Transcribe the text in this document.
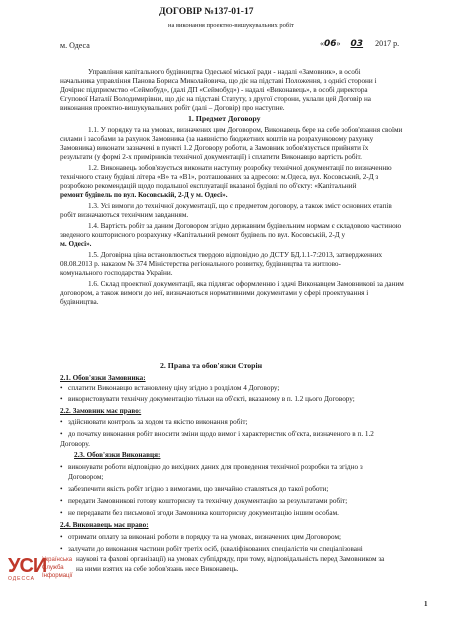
ДОГОВІР №137-01-17
на виконання проектно-вишукувальних робіт
м. Одеса	«06»  03 2017 р.
Управління капітального будівництва Одеської міської ради - надалі «Замовник», в особі
начальника управління Панова Бориса Миколайовича, що діє на підставі Положення, з однієї сторони і
Дочірнє підприємство «Сеймобуд», (далі ДП «Сеймобуд») - надалі «Виконавець», в особі директора
Єгупової Наталії Володимирівни, що діє на підставі Статуту, з другої сторони, уклали цей Договір на
виконання проектно-вишукувальних робіт (далі – Договір) про наступне.
1. Предмет Договору
1.1. У порядку та на умовах, визначених цим Договором, Виконавець бере на себе зобов'язання своїми
силами і засобами за рахунок Замовника (за наявністю бюджетних коштів на розрахунковому рахунку
Замовника) виконати зазначені в пункті 1.2 Договору роботи, а Замовник зобов'язується прийняти їх
результати (у формі 2-х примірників технічної документації) і сплатити Виконавцю вартість робіт.
1.2. Виконавець зобов'язується виконати наступну розробку технічної документації по визначенню
технічного стану будівлі літера «В» та «В1», розташованих за адресою: м.Одеса, вул. Косовський, 2-Д з
розробкою рекомендацій щодо подальшої експлуатації вказаної будівлі по об'єкту: «Капітальний
ремонт будівель по вул. Косовській, 2-Д у м. Одесі».
1.3. Усі вимоги до технічної документації, що є предметом договору, а також зміст основних етапів
робіт визначаються технічним завданням.
1.4. Вартість робіт за даним Договором згідно державним будівельним нормам є складовою частиною
зведеного кошторисного розрахунку «Капітальний ремонт будівель по вул. Косовській, 2-Д у
м. Одесі».
1.5. Договірна ціна встановлюється твердою відповідно до ДСТУ БД.1.1-7:2013, затвердженних
08.08.2013 р. наказом № 374 Міністерства регіонального розвитку, будівництва та житлово-
комунального господарства України.
1.6. Склад проектної документації, яка підлягає оформленню і здачі Виконавцем Замовникові за даним
договором, а також вимоги до неї, визначаються нормативними документами у сфері проектування і
будівництва.
2. Права та обов'язки Сторін
2.1. Обов'язки Замовника:
• сплатити Виконавцю встановлену ціну згідно з розділом 4 Договору;
• використовувати технічну документацію тільки на об'єкті, вказаному в п. 1.2 цього Договору;
2.2. Замовник має право:
• здійснювати контроль за ходом та якістю виконання робіт;
• до початку виконання робіт вносити зміни щодо вимог і характеристик об'єкта, визначеного в п. 1.2
Договору.
2.3. Обов'язки Виконавця:
• виконувати роботи відповідно до вихідних даних для проведення технічної розробки та згідно з
Договором;
• забезпечити якість робіт згідно з вимогами, що звичайно ставляться до такої роботи;
• передати Замовникові готову кошторисну та технічну документацію за результатами робіт;
• не передавати без письмової згоди Замовника кошторисну документацію іншим особам.
2.4. Виконавець має право:
• отримати оплату за виконані роботи в порядку та на умовах, визначених цим Договором;
• залучати до виконання частини робіт третіх осіб, (кваліфікованих спеціалістів чи спеціалізовані
наукові та фахові організації) на умовах субпідряду, при тому, відповідальність перед Замовником за
на ними взятих на себе зобов'язань несе Виконавець.
УСИ
ОДЕССА
Українська
Служба
Інформації
1
